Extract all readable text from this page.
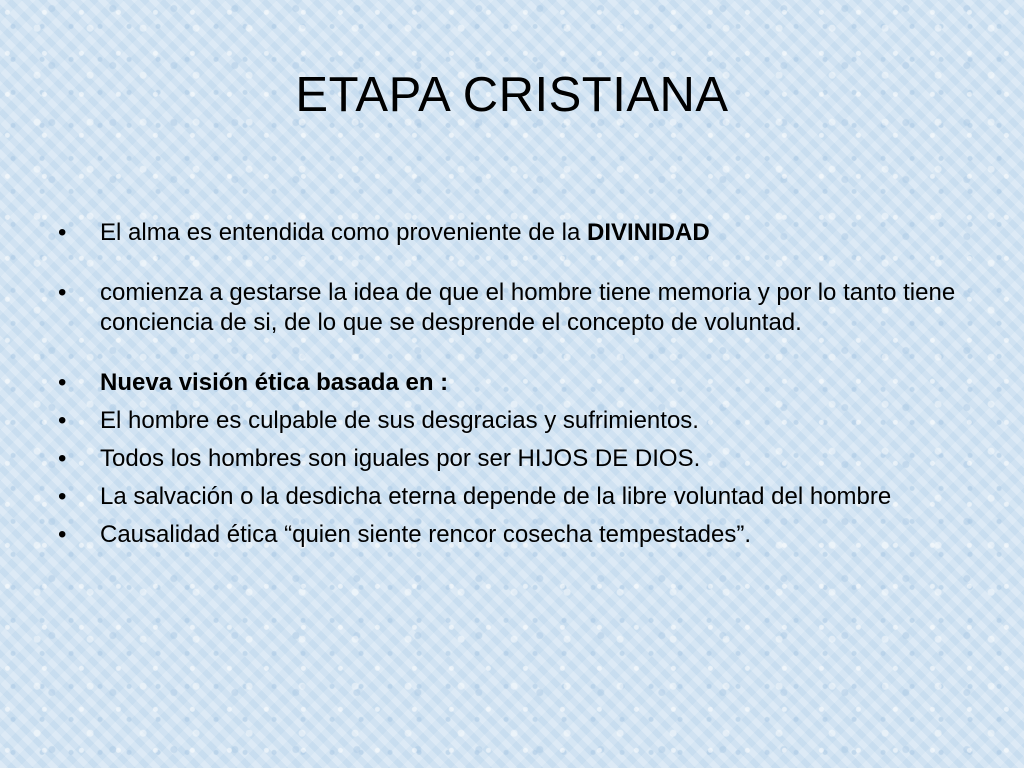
ETAPA CRISTIANA
•	El alma es entendida como proveniente de la DIVINIDAD
•	comienza a gestarse la idea de que el hombre tiene memoria y por lo tanto tiene conciencia de si, de lo que se desprende el concepto de voluntad.
•	Nueva visión ética basada en :
•	El hombre es culpable de sus desgracias y sufrimientos.
•	Todos los hombres son iguales por ser HIJOS DE DIOS.
•	La salvación o la desdicha eterna depende de la libre voluntad del hombre
•	Causalidad ética “quien siente rencor cosecha tempestades”.
